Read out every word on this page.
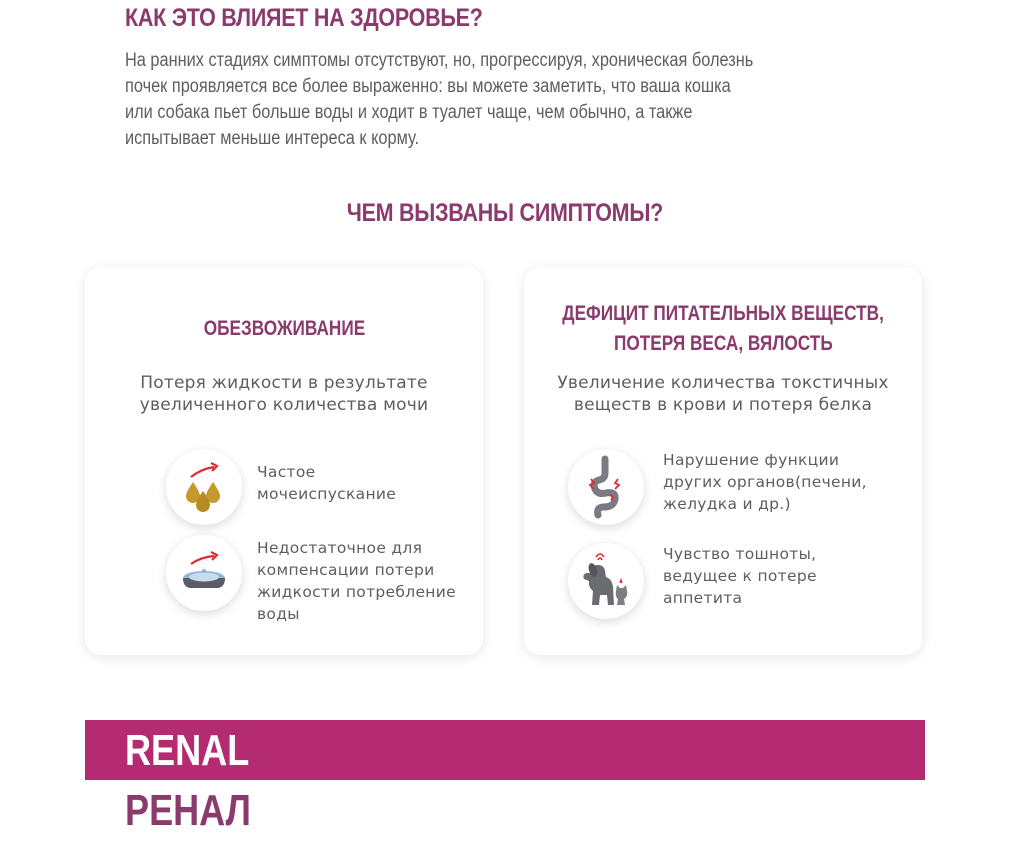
КАК ЭТО ВЛИЯЕТ НА ЗДОРОВЬЕ?

На ранних стадиях симптомы отсутствуют, но, прогрессируя, хроническая болезнь почек проявляется все более выраженно: вы можете заметить, что ваша кошка или собака пьет больше воды и ходит в туалет чаще, чем обычно, а также испытывает меньше интереса к корму.

ЧЕМ ВЫЗВАНЫ СИМПТОМЫ?
ОБЕЗВОЖИВАНИЕ

Потеря жидкости в результате
увеличенного количества мочи

Частое
мочеиспускание

Недостаточное для
компенсации потери
жидкости потребление
воды

ДЕФИЦИТ ПИТАТЕЛЬНЫХ ВЕЩЕСТВ,
ПОТЕРЯ ВЕСА, ВЯЛОСТЬ

Увеличение количества токстичных
веществ в крови и потеря белка

Нарушение функции
других органов(печени,
желудка и др.)

Чувство тошноты,
ведущее к потере
аппетита

RENAL
РЕНАЛ
